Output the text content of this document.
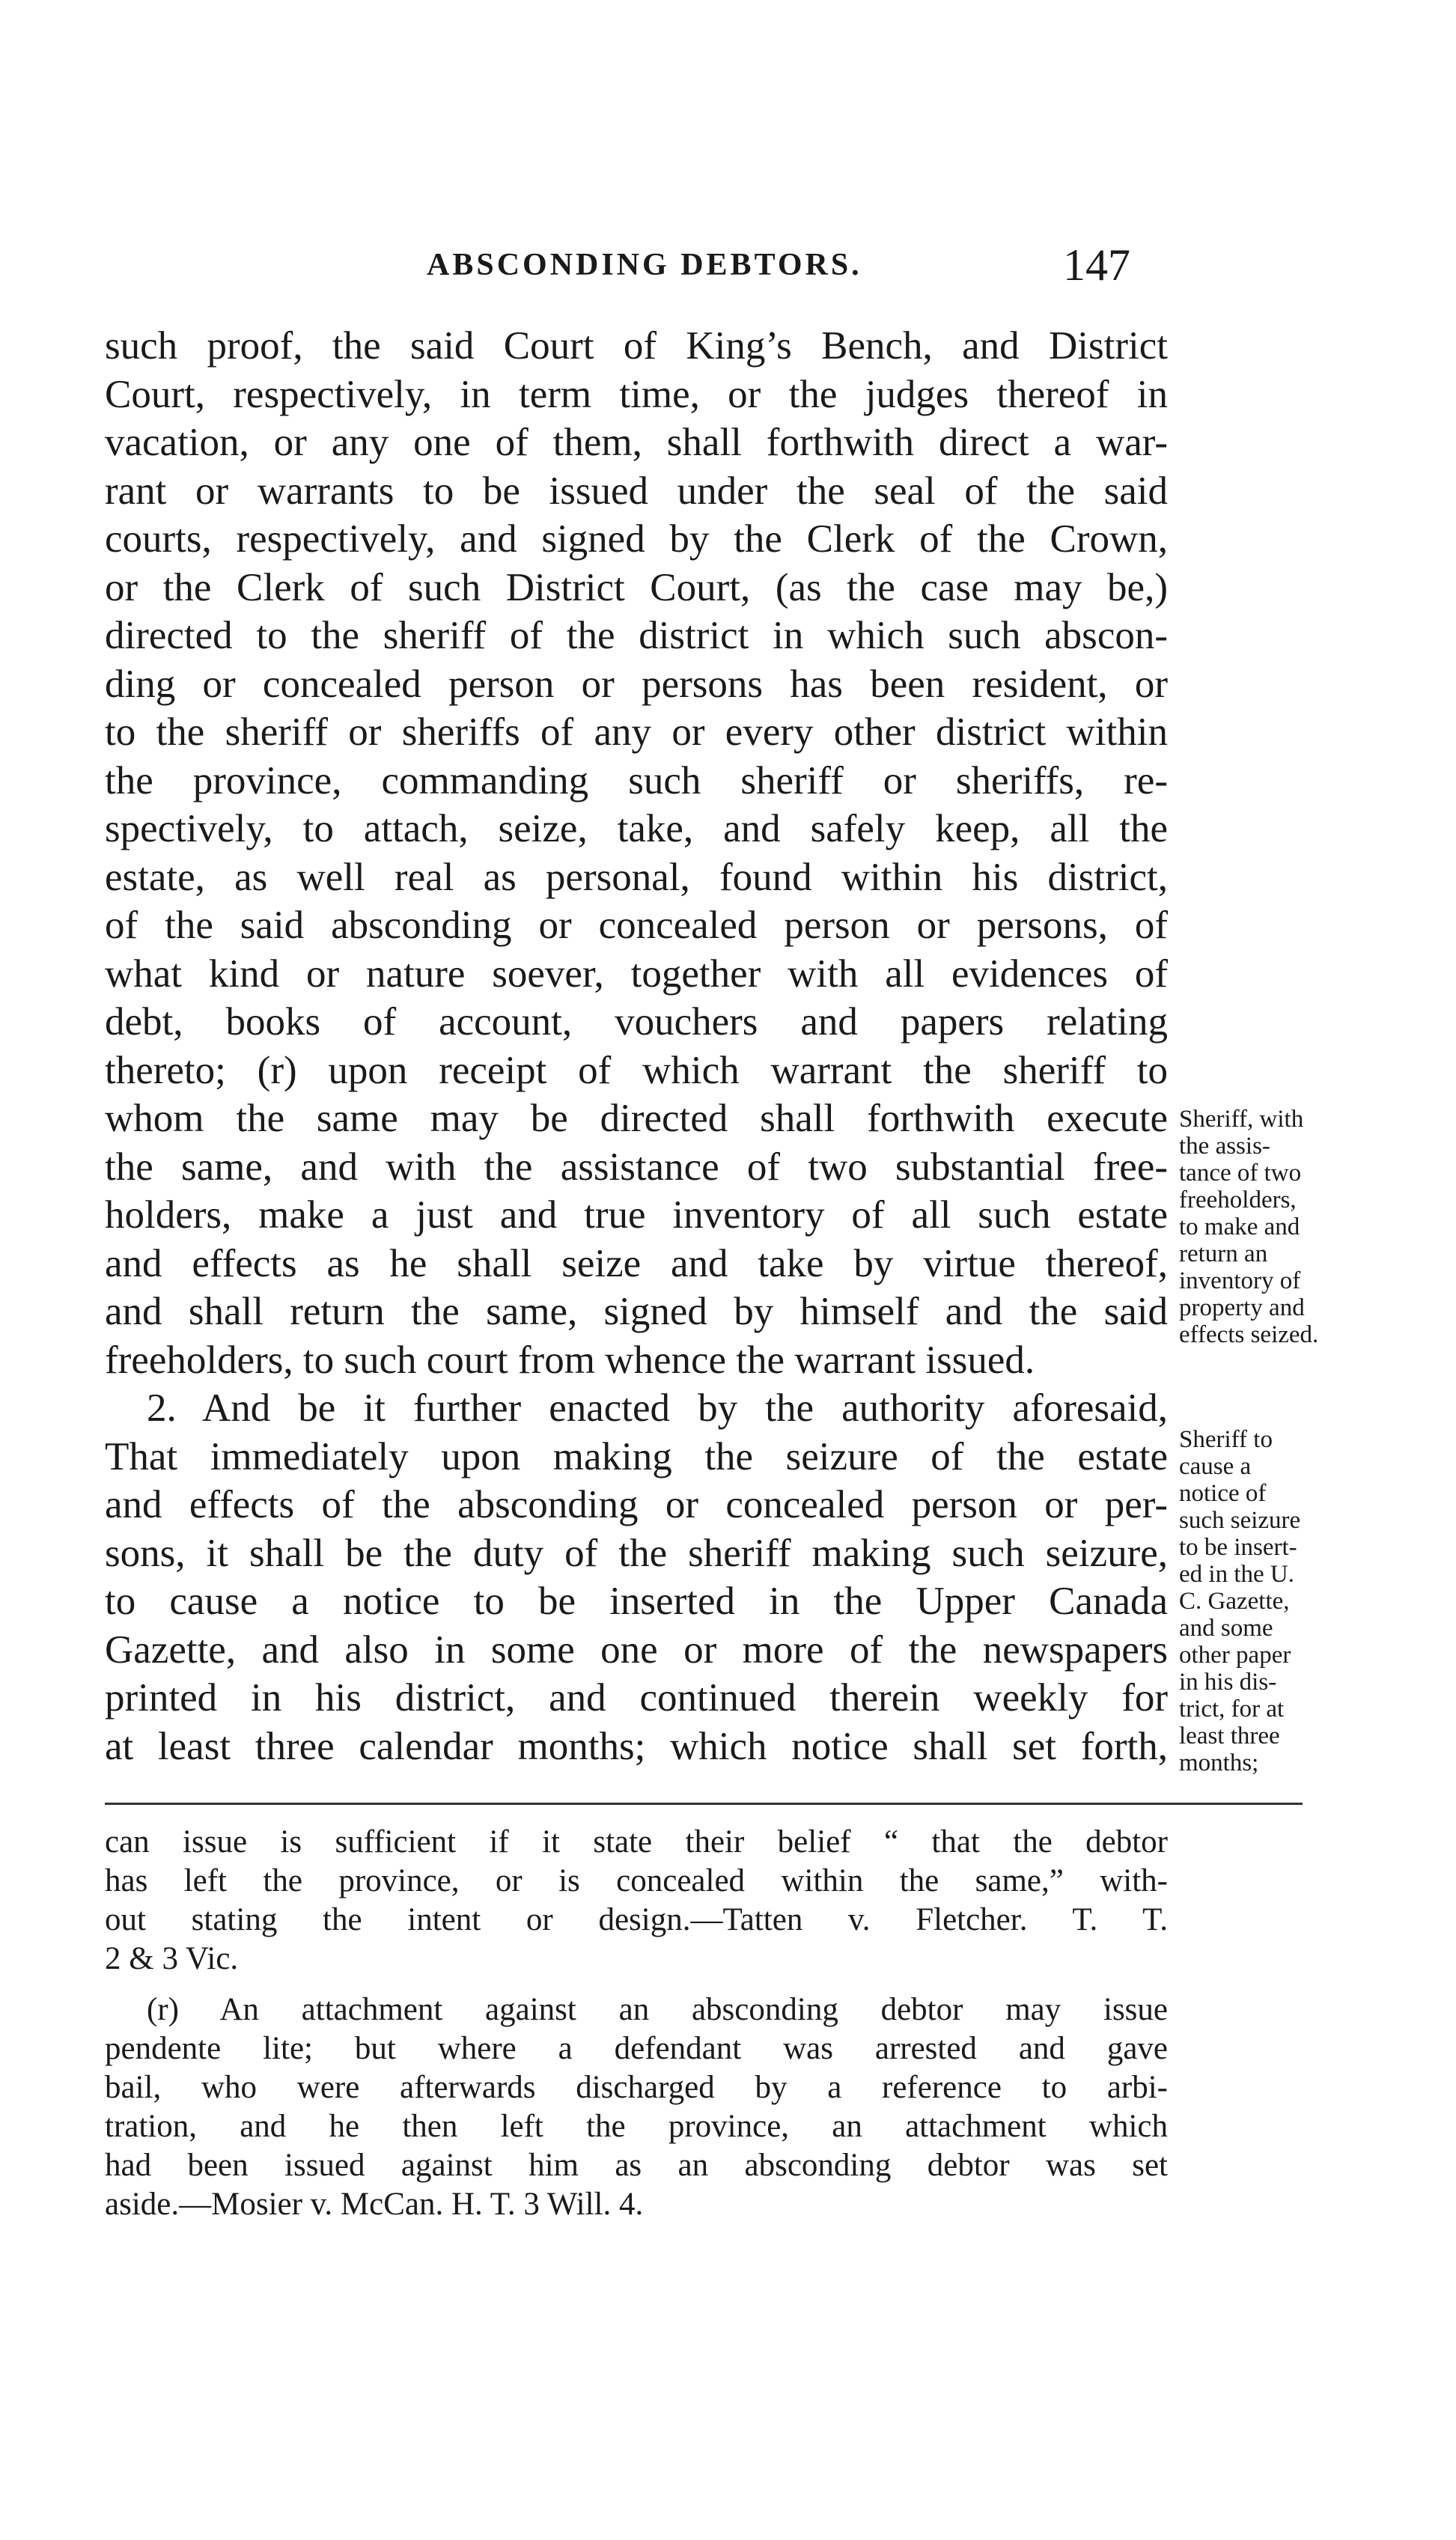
ABSCONDING DEBTORS.	147
such proof, the said Court of King’s Bench, and District
Court, respectively, in term time, or the judges thereof in
vacation, or any one of them, shall forthwith direct a war-
rant or warrants to be issued under the seal of the said
courts, respectively, and signed by the Clerk of the Crown,
or the Clerk of such District Court, (as the case may be,)
directed to the sheriff of the district in which such abscon-
ding or concealed person or persons has been resident, or
to the sheriff or sheriffs of any or every other district within
the province, commanding such sheriff or sheriffs, re-
spectively, to attach, seize, take, and safely keep, all the
estate, as well real as personal, found within his district,
of the said absconding or concealed person or persons, of
what kind or nature soever, together with all evidences of
debt, books of account, vouchers and papers relating
thereto; (r) upon receipt of which warrant the sheriff to
whom the same may be directed shall forthwith execute
the same, and with the assistance of two substantial free-
holders, make a just and true inventory of all such estate
and effects as he shall seize and take by virtue thereof,
and shall return the same, signed by himself and the said
freeholders, to such court from whence the warrant issued.
2. And be it further enacted by the authority aforesaid,
That immediately upon making the seizure of the estate
and effects of the absconding or concealed person or per-
sons, it shall be the duty of the sheriff making such seizure,
to cause a notice to be inserted in the Upper Canada
Gazette, and also in some one or more of the newspapers
printed in his district, and continued therein weekly for
at least three calendar months; which notice shall set forth,
Sheriff, with
the assis-
tance of two
freeholders,
to make and
return an
inventory of
property and
effects seized.
Sheriff to
cause a
notice of
such seizure
to be insert-
ed in the U.
C. Gazette,
and some
other paper
in his dis-
trict, for at
least three
months;
can issue is sufficient if it state their belief “ that the debtor
has left the province, or is concealed within the same,” with-
out stating the intent or design.—Tatten v. Fletcher. T. T.
2 & 3 Vic.
(r) An attachment against an absconding debtor may issue
pendente lite; but where a defendant was arrested and gave
bail, who were afterwards discharged by a reference to arbi-
tration, and he then left the province, an attachment which
had been issued against him as an absconding debtor was set
aside.—Mosier v. McCan. H. T. 3 Will. 4.
